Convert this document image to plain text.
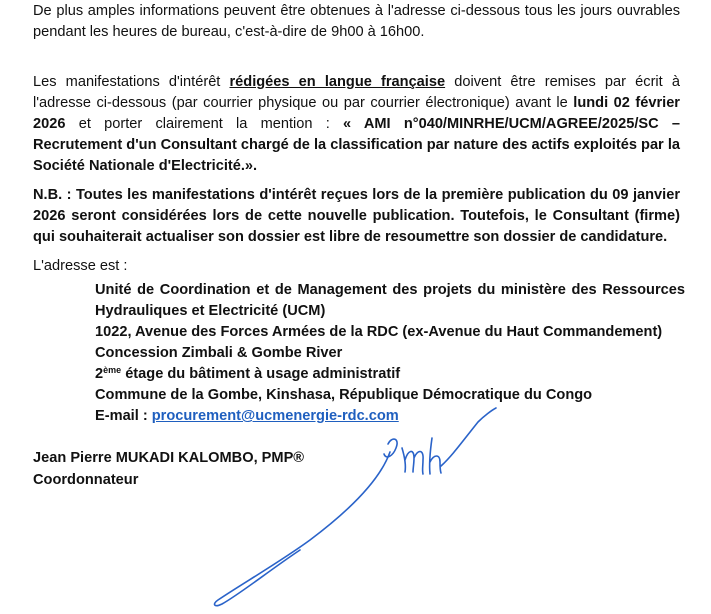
De plus amples informations peuvent être obtenues à l'adresse ci-dessous tous les jours ouvrables pendant les heures de bureau, c'est-à-dire de 9h00 à 16h00.

Les manifestations d'intérêt rédigées en langue française doivent être remises par écrit à l'adresse ci-dessous (par courrier physique ou par courrier électronique) avant le lundi 02 février 2026 et porter clairement la mention : « AMI n°040/MINRHE/UCM/AGREE/2025/SC – Recrutement d'un Consultant chargé de la classification par nature des actifs exploités par la Société Nationale d'Electricité.».

N.B. : Toutes les manifestations d'intérêt reçues lors de la première publication du 09 janvier 2026 seront considérées lors de cette nouvelle publication. Toutefois, le Consultant (firme) qui souhaiterait actualiser son dossier est libre de resoumettre son dossier de candidature.

L'adresse est :

Unité de Coordination et de Management des projets du ministère des Ressources Hydrauliques et Electricité (UCM)
1022, Avenue des Forces Armées de la RDC (ex-Avenue du Haut Commandement)
Concession Zimbali & Gombe River
2ème étage du bâtiment à usage administratif
Commune de la Gombe, Kinshasa, République Démocratique du Congo
E-mail : procurement@ucmenergie-rdc.com
Jean Pierre MUKADI KALOMBO, PMP®
Coordonnateur
